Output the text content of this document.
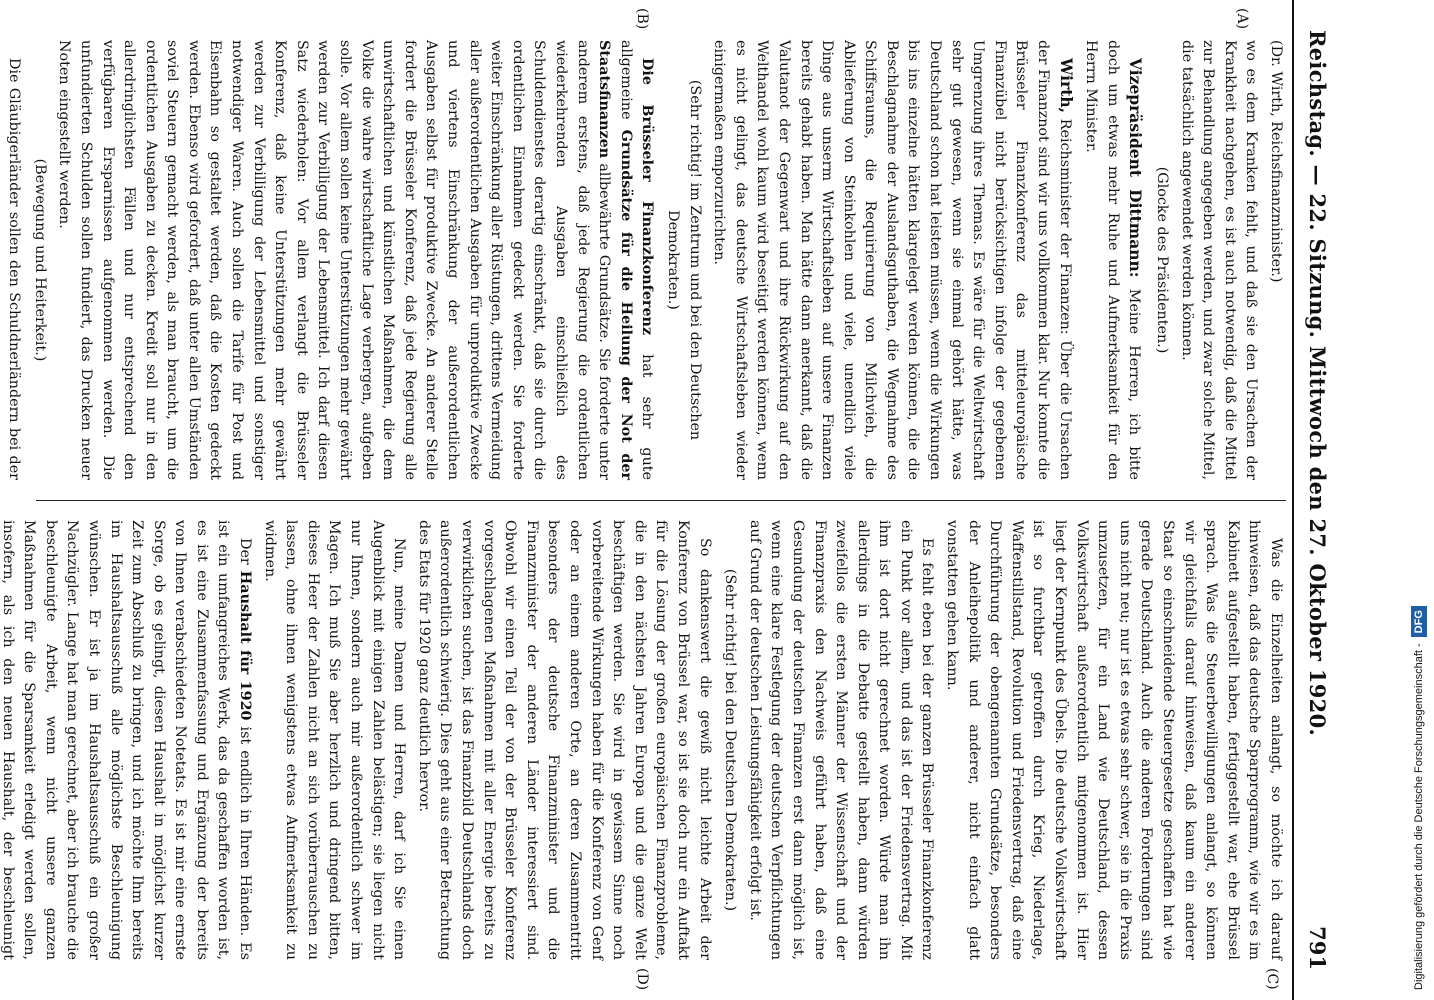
Reichstag. — 22. Sitzung. Mittwoch den 27. Oktober 1920.
791
(A)
(B)
(C)
(D)

(Dr. Wirth, Reichsfinanzminister.)

wo es dem Kranken fehlt, und daß sie den Ursachen der Krankheit nachgehen, es ist auch notwendig, daß die Mittel zur Behandlung angegeben werden, und zwar solche Mittel, die tatsächlich angewendet werden können.

(Glocke des Präsidenten.)

Vizepräsident Dittmann: Meine Herren, ich bitte doch um etwas mehr Ruhe und Aufmerksamkeit für den Herrn Minister.

Wirth, Reichsminister der Finanzen: Über die Ursachen der Finanznot sind wir uns vollkommen klar. Nur konnte die Brüsseler Finanzkonferenz das mitteleuropäische Finanzübel nicht berücksichtigen infolge der gegebenen Umgrenzung ihres Themas. Es wäre für die Weltwirtschaft sehr gut gewesen, wenn sie einmal gehört hätte, was Deutschland schon hat leisten müssen, wenn die Wirkungen bis ins einzelne hätten klargelegt werden können, die die Beschlagnahme der Auslandsguthaben, die Wegnahme des Schiffsraums, die Requirierung von Milchvieh, die Ablieferung von Steinkohlen und viele, unendlich viele Dinge aus unserm Wirtschaftsleben auf unsere Finanzen bereits gehabt haben. Man hätte dann anerkannt, daß die Valutanot der Gegenwart und ihre Rückwirkung auf den Welthandel wohl kaum wird beseitigt werden können, wenn es nicht gelingt, das deutsche Wirtschaftsleben wieder einigermaßen emporzurichten.

(Sehr richtig! im Zentrum und bei den Deutschen Demokraten.)

Die Brüsseler Finanzkonferenz hat sehr gute allgemeine Grundsätze für die Heilung der Not der Staatsfinanzen allbewährte Grundsätze. Sie forderte unter anderem erstens, daß jede Regierung die ordentlichen wiederkehrenden Ausgaben einschließlich des Schuldendienstes derartig einschränkt, daß sie durch die ordentlichen Einnahmen gedeckt werden. Sie forderte weiter Einschränkung aller Rüstungen, drittens Vermeidung aller außerordentlichen Ausgaben für unproduktive Zwecke und viertens Einschränkung der außerordentlichen Ausgaben selbst für produktive Zwecke. An anderer Stelle fordert die Brüsseler Konferenz, daß jede Regierung alle unwirtschaftlichen und künstlichen Maßnahmen, die dem Volke die wahre wirtschaftliche Lage verbergen, aufgeben solle. Vor allem sollen keine Unterstützungen mehr gewährt werden zur Verbilligung der Lebensmittel. Ich darf diesen Satz wiederholen: Vor allem verlangt die Brüsseler Konferenz, daß keine Unterstützungen mehr gewährt werden zur Verbilligung der Lebensmittel und sonstiger notwendiger Waren. Auch sollen die Tarife für Post und Eisenbahn so gestaltet werden, daß die Kosten gedeckt werden. Ebenso wird gefordert, daß unter allen Umständen soviel Steuern gemacht werden, als man braucht, um die ordentlichen Ausgaben zu decken. Kredit soll nur in den allerdringlichsten Fällen und nur entsprechend den verfügbaren Ersparnissen aufgenommen werden. Die unfundierten Schulden sollen fundiert, das Drucken neuer Noten eingestellt werden.

(Bewegung und Heiterkeit.)

Die Gläubigerländer sollen den Schuldnerländern bei der

Was die Einzelheiten anlangt, so möchte ich darauf hinweisen, daß das deutsche Sparprogramm, wie wir es im Kabinett aufgestellt haben, fertiggestellt war, ehe Brüssel sprach. Was die Steuerbewilligungen anlangt, so können wir gleichfalls darauf hinweisen, daß kaum ein anderer Staat so einschneidende Steuergesetze geschaffen hat wie gerade Deutschland. Auch die anderen Forderungen sind uns nicht neu; nur ist es etwas sehr schwer, sie in die Praxis umzusetzen, für ein Land wie Deutschland, dessen Volkswirtschaft außerordentlich mitgenommen ist. Hier liegt der Kernpunkt des Übels. Die deutsche Volkswirtschaft ist so furchtbar getroffen durch Krieg, Niederlage, Waffenstillstand, Revolution und Friedensvertrag, daß eine Durchführung der obengenannten Grundsätze, besonders der Anleihepolitik und anderer, nicht einfach glatt vonstatten gehen kann.

Es fehlt eben bei der ganzen Brüsseler Finanzkonferenz ein Punkt vor allem, und das ist der Friedensvertrag. Mit ihm ist dort nicht gerechnet worden. Würde man ihn allerdings in die Debatte gestellt haben, dann würden zweifellos die ersten Männer der Wissenschaft und der Finanzpraxis den Nachweis geführt haben, daß eine Gesundung der deutschen Finanzen erst dann möglich ist, wenn eine klare Festlegung der deutschen Verpflichtungen auf Grund der deutschen Leistungsfähigkeit erfolgt ist.

(Sehr richtig! bei den Deutschen Demokraten.)

So dankenswert die gewiß nicht leichte Arbeit der Konferenz von Brüssel war, so ist sie doch nur ein Auftakt für die Lösung der großen europäischen Finanzprobleme, die in den nächsten Jahren Europa und die ganze Welt beschäftigen werden. Sie wird in gewissem Sinne noch vorbereitende Wirkungen haben für die Konferenz von Genf oder an einem anderen Orte, an deren Zusammentritt besonders der deutsche Finanzminister und die Finanzminister der anderen Länder interessiert sind. Obwohl wir einen Teil der von der Brüsseler Konferenz vorgeschlagenen Maßnahmen mit aller Energie bereits zu verwirklichen suchen, ist das Finanzbild Deutschlands doch außerordentlich schwierig. Dies geht aus einer Betrachtung des Etats für 1920 ganz deutlich hervor.

Nun, meine Damen und Herren, darf ich Sie einen Augenblick mit einigen Zahlen belästigen; sie liegen nicht nur Ihnen, sondern auch mir außerordentlich schwer im Magen. Ich muß Sie aber herzlich und dringend bitten, dieses Heer der Zahlen nicht an sich vorüberrauschen zu lassen, ohne ihnen wenigstens etwas Aufmerksamkeit zu widmen.

Der Haushalt für 1920 ist endlich in Ihren Händen. Es ist ein umfangreiches Werk, das da geschaffen worden ist, es ist eine Zusammenfassung und Ergänzung der bereits von Ihnen verabschiedeten Notetats. Es ist mir eine ernste Sorge, ob es gelingt, diesen Haushalt in möglichst kurzer Zeit zum Abschluß zu bringen, und ich möchte Ihm bereits im Haushaltsausschuß alle möglichste Beschleunigung wünschen. Er ist ja im Haushaltsausschuß ein großer Nachzügler. Lange hat man gerechnet, aber ich brauche die beschleunigte Arbeit, wenn nicht unsere ganzen Maßnahmen für die Sparsamkeit erledigt werden sollen, insofern, als ich den neuen Haushalt, der beschleunigt	Digitalisierung gefördert durch die Deutsche Forschungsgemeinschaft -DFG
